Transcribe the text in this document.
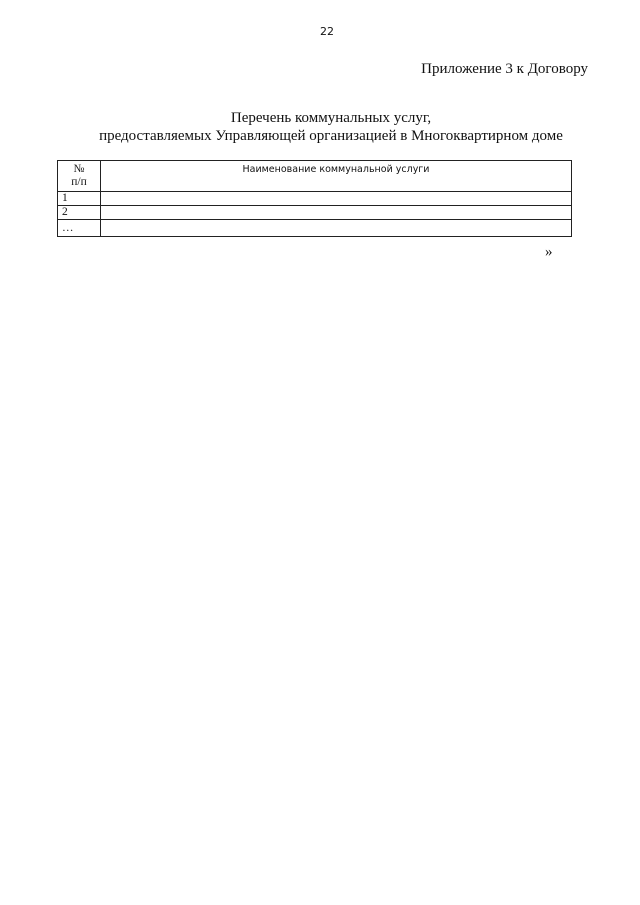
22
Приложение 3 к Договору
Перечень коммунальных услуг,
предоставляемых Управляющей организацией в Многоквартирном доме
№
п/п	Наименование коммунальной услуги
1	
2	
…	
»
